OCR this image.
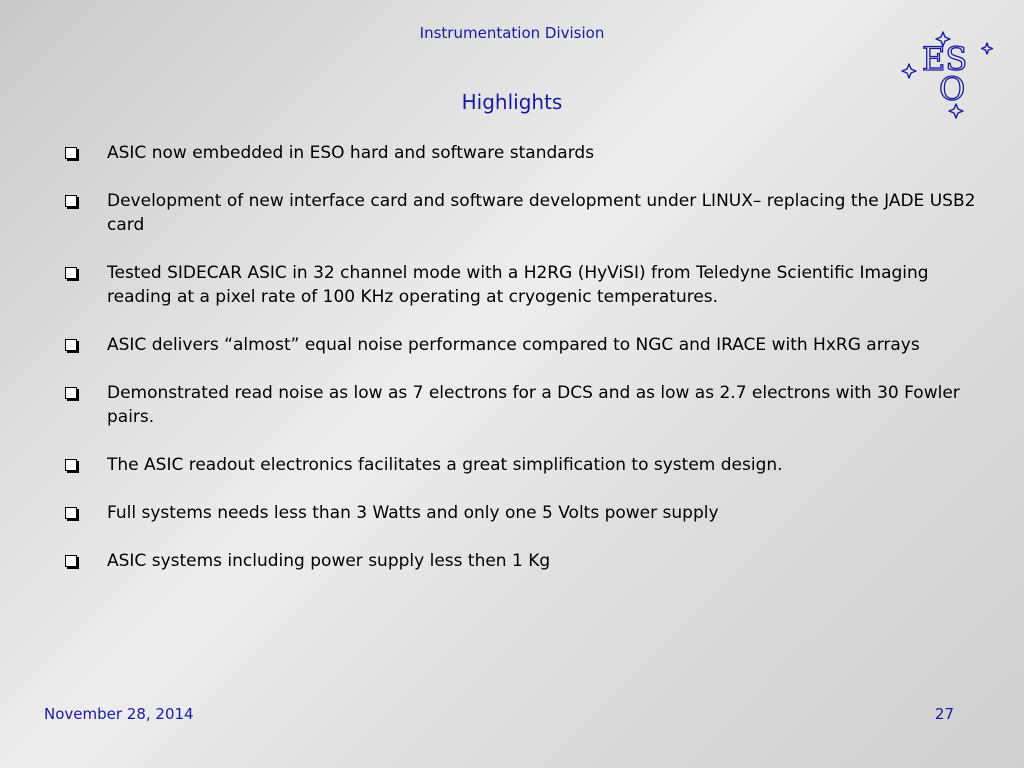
Instrumentation Division
Highlights
ES
O
ASIC now embedded in ESO hard and software standards
Development of new interface card and software development under LINUX– replacing the JADE USB2 card
Tested SIDECAR ASIC in 32 channel mode with a H2RG (HyViSI) from Teledyne Scientific Imaging reading at a pixel rate of 100 KHz operating at cryogenic temperatures.
ASIC delivers “almost” equal noise performance compared to NGC and IRACE with HxRG arrays
Demonstrated read noise as low as 7 electrons for a DCS and as low as 2.7 electrons with 30 Fowler pairs.
The ASIC readout electronics facilitates a great simplification to system design.
Full systems needs less than 3 Watts and only one 5 Volts power supply
ASIC systems including power supply less then 1 Kg
November 28, 2014	27
